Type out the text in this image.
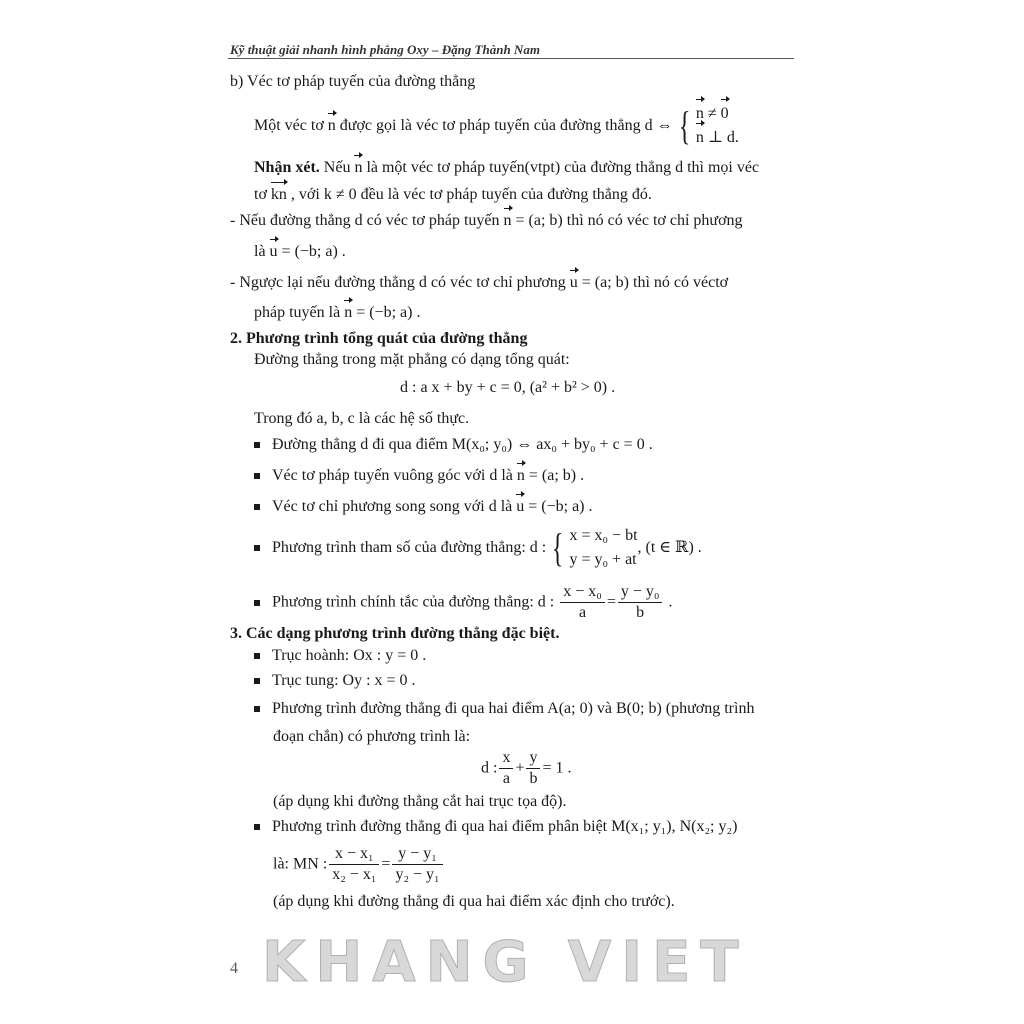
Kỹ thuật giải nhanh hình phẳng Oxy – Đặng Thành Nam
b) Véc tơ pháp tuyến của đường thẳng
Một véc tơ n được gọi là véc tơ pháp tuyến của đường thẳng d ⇔ { n ≠ 0
n ⊥ d.
Nhận xét. Nếu n là một véc tơ pháp tuyến(vtpt) của đường thẳng d thì mọi véc
tơ kn , với k ≠ 0 đều là véc tơ pháp tuyến của đường thẳng đó.
- Nếu đường thẳng d có véc tơ pháp tuyến n = (a; b) thì nó có véc tơ chỉ phương
là u = (−b; a) .
- Ngược lại nếu đường thẳng d có véc tơ chỉ phương u = (a; b) thì nó có véctơ
pháp tuyến là n = (−b; a) .
2. Phương trình tổng quát của đường thẳng
Đường thẳng trong mặt phẳng có dạng tổng quát:
d : a x + by + c = 0, (a² + b² > 0) .
Trong đó a, b, c là các hệ số thực.
Đường thẳng d đi qua điểm M(x₀; y₀) ⇔ ax₀ + by₀ + c = 0 .
Véc tơ pháp tuyến vuông góc với d là n = (a; b) .
Véc tơ chỉ phương song song với d là u = (−b; a) .
Phương trình tham số của đường thẳng: d : { x = x₀ − bt
y = y₀ + at
, (t ∈ ℝ) .
Phương trình chính tắc của đường thẳng: d : $\frac{\text{x − x₀}}{a} = \frac{\text{y − y₀}}{b}$ .
3. Các dạng phương trình đường thẳng đặc biệt.
Trục hoành: Ox : y = 0 .
Trục tung: Oy : x = 0 .
Phương trình đường thẳng đi qua hai điểm A(a; 0) và B(0; b) (phương trình
đoạn chắn) có phương trình là:
d : $\frac{x}{a} + \frac{y}{b} = 1$ .
(áp dụng khi đường thẳng cắt hai trục tọa độ).
Phương trình đường thẳng đi qua hai điểm phân biệt M(x₁; y₁), N(x₂; y₂)
là: MN : $\frac{\text{x − x₁}}{\text{x₂ − x₁}} = \frac{\text{y − y₁}}{\text{y₂ − y₁}}$
(áp dụng khi đường thẳng đi qua hai điểm xác định cho trước).
4 KHANG VIET
